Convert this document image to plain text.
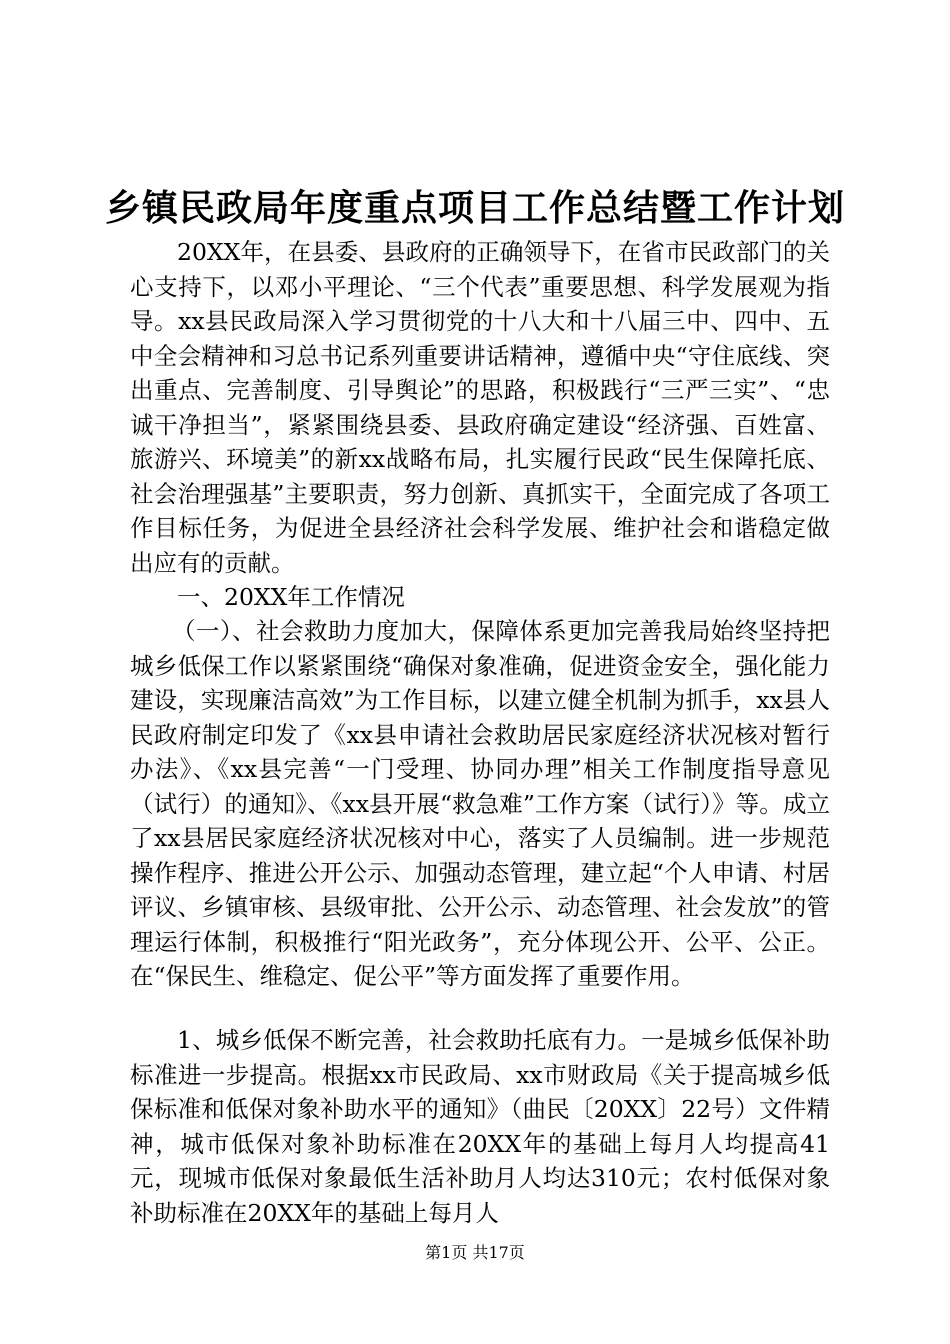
乡镇民政局年度重点项目工作总结暨工作计划
20XX年，在县委、县政府的正确领导下，在省市民政部门的关心支持下，以邓小平理论、“三个代表”重要思想、科学发展观为指导。xx县民政局深入学习贯彻党的十八大和十八届三中、四中、五中全会精神和习总书记系列重要讲话精神，遵循中央“守住底线、突出重点、完善制度、引导舆论”的思路，积极践行“三严三实”、“忠诚干净担当”，紧紧围绕县委、县政府确定建设“经济强、百姓富、旅游兴、环境美”的新xx战略布局，扎实履行民政“民生保障托底、社会治理强基”主要职责，努力创新、真抓实干，全面完成了各项工作目标任务，为促进全县经济社会科学发展、维护社会和谐稳定做出应有的贡献。
一、20XX年工作情况
（一）、社会救助力度加大，保障体系更加完善我局始终坚持把城乡低保工作以紧紧围绕“确保对象准确，促进资金安全，强化能力建设，实现廉洁高效”为工作目标，以建立健全机制为抓手，xx县人民政府制定印发了《xx县申请社会救助居民家庭经济状况核对暂行办法》、《xx县完善“一门受理、协同办理”相关工作制度指导意见（试行）的通知》、《xx县开展“救急难”工作方案（试行）》等。成立了xx县居民家庭经济状况核对中心，落实了人员编制。进一步规范操作程序、推进公开公示、加强动态管理，建立起“个人申请、村居评议、乡镇审核、县级审批、公开公示、动态管理、社会发放”的管理运行体制，积极推行“阳光政务”，充分体现公开、公平、公正。在“保民生、维稳定、促公平”等方面发挥了重要作用。
1、城乡低保不断完善，社会救助托底有力。一是城乡低保补助标准进一步提高。根据xx市民政局、xx市财政局《关于提高城乡低保标准和低保对象补助水平的通知》（曲民〔20XX〕22号）文件精神，城市低保对象补助标准在20XX年的基础上每月人均提高41元，现城市低保对象最低生活补助月人均达310元；农村低保对象补助标准在20XX年的基础上每月人
第1页 共17页
